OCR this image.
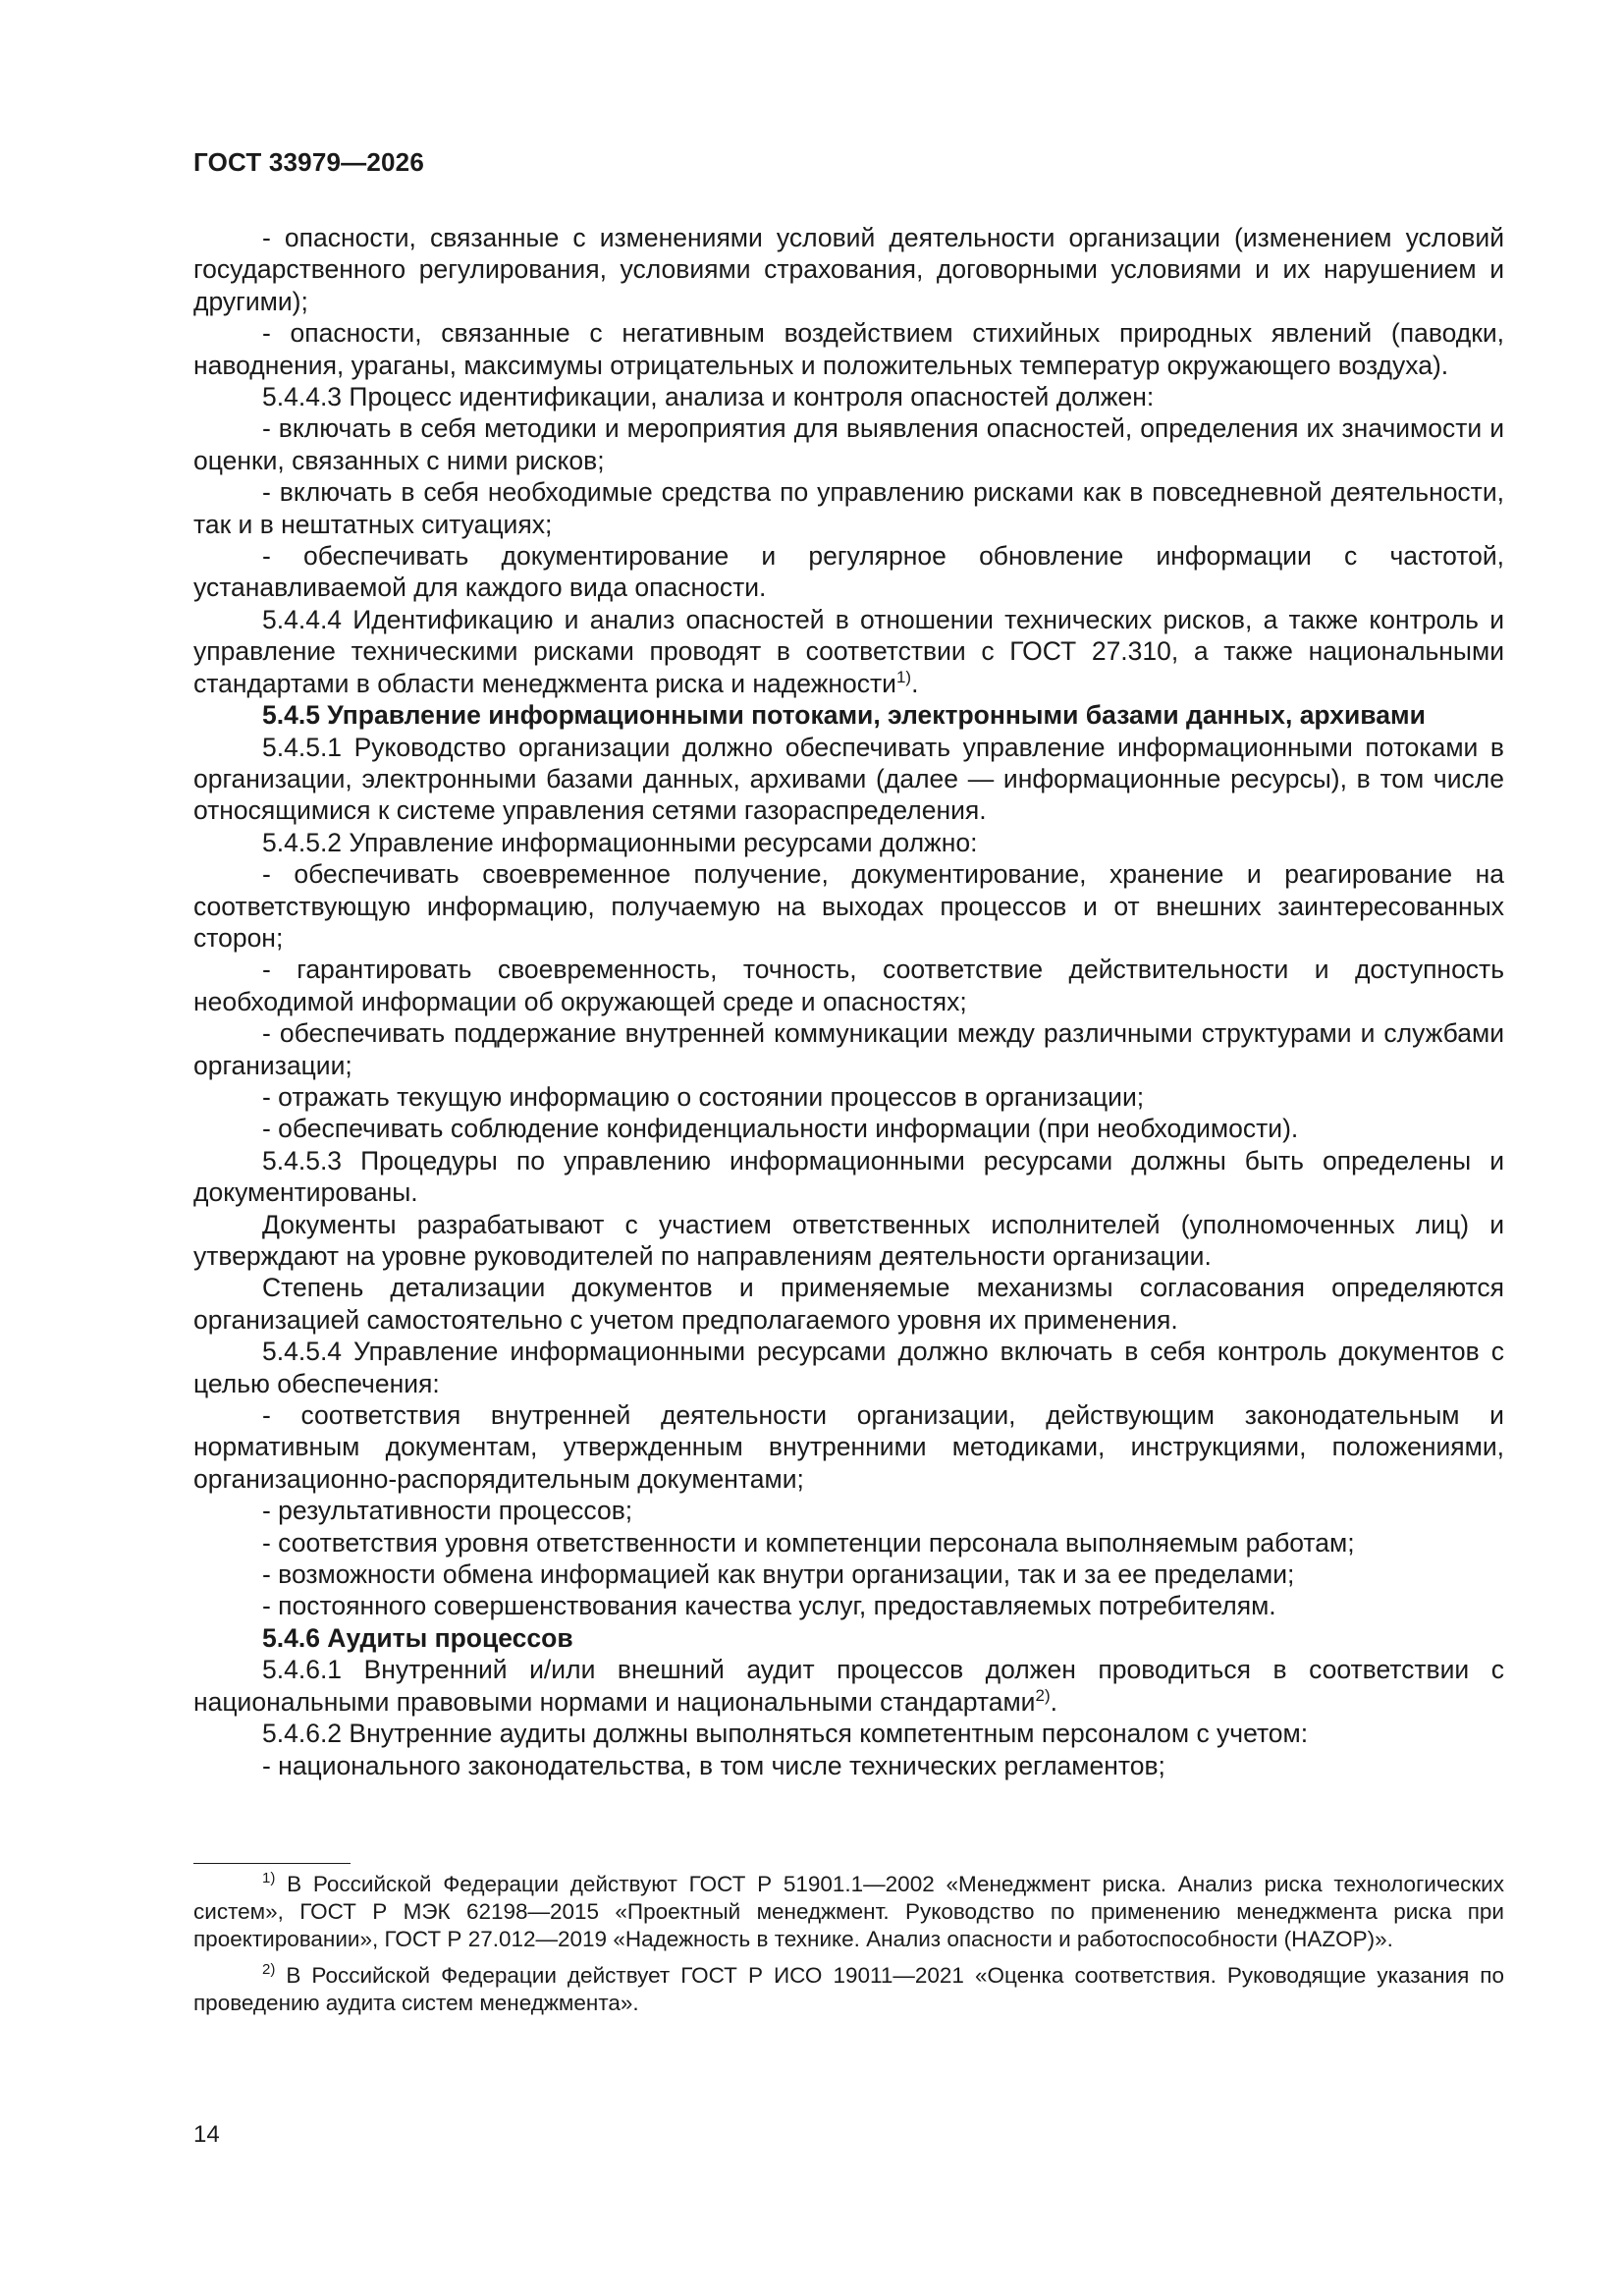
ГОСТ 33979—2026

- опасности, связанные с изменениями условий деятельности организации (изменением условий государственного регулирования, условиями страхования, договорными условиями и их нарушением и другими);

- опасности, связанные с негативным воздействием стихийных природных явлений (паводки, наводнения, ураганы, максимумы отрицательных и положительных температур окружающего воздуха).

5.4.4.3 Процесс идентификации, анализа и контроля опасностей должен:

- включать в себя методики и мероприятия для выявления опасностей, определения их значимости и оценки, связанных с ними рисков;

- включать в себя необходимые средства по управлению рисками как в повседневной деятельности, так и в нештатных ситуациях;

- обеспечивать документирование и регулярное обновление информации с частотой, устанавливаемой для каждого вида опасности.

5.4.4.4 Идентификацию и анализ опасностей в отношении технических рисков, а также контроль и управление техническими рисками проводят в соответствии с ГОСТ 27.310, а также национальными стандартами в области менеджмента риска и надежности$^{1)}$.

5.4.5 Управление информационными потоками, электронными базами данных, архивами

5.4.5.1 Руководство организации должно обеспечивать управление информационными потоками в организации, электронными базами данных, архивами (далее — информационные ресурсы), в том числе относящимися к системе управления сетями газораспределения.

5.4.5.2 Управление информационными ресурсами должно:

- обеспечивать своевременное получение, документирование, хранение и реагирование на соответствующую информацию, получаемую на выходах процессов и от внешних заинтересованных сторон;

- гарантировать своевременность, точность, соответствие действительности и доступность необходимой информации об окружающей среде и опасностях;

- обеспечивать поддержание внутренней коммуникации между различными структурами и службами организации;

- отражать текущую информацию о состоянии процессов в организации;

- обеспечивать соблюдение конфиденциальности информации (при необходимости).

5.4.5.3 Процедуры по управлению информационными ресурсами должны быть определены и документированы.

Документы разрабатывают с участием ответственных исполнителей (уполномоченных лиц) и утверждают на уровне руководителей по направлениям деятельности организации.

Степень детализации документов и применяемые механизмы согласования определяются организацией самостоятельно с учетом предполагаемого уровня их применения.

5.4.5.4 Управление информационными ресурсами должно включать в себя контроль документов с целью обеспечения:

- соответствия внутренней деятельности организации, действующим законодательным и нормативным документам, утвержденным внутренними методиками, инструкциями, положениями, организационно-распорядительным документами;

- результативности процессов;

- соответствия уровня ответственности и компетенции персонала выполняемым работам;

- возможности обмена информацией как внутри организации, так и за ее пределами;

- постоянного совершенствования качества услуг, предоставляемых потребителям.

5.4.6 Аудиты процессов

5.4.6.1 Внутренний и/или внешний аудит процессов должен проводиться в соответствии с национальными правовыми нормами и национальными стандартами$^{2)}$.

5.4.6.2 Внутренние аудиты должны выполняться компетентным персоналом с учетом:

- национального законодательства, в том числе технических регламентов;

$^{1)}$ В Российской Федерации действуют ГОСТ Р 51901.1—2002 «Менеджмент риска. Анализ риска технологических систем», ГОСТ Р МЭК 62198—2015 «Проектный менеджмент. Руководство по применению менеджмента риска при проектировании», ГОСТ Р 27.012—2019 «Надежность в технике. Анализ опасности и работоспособности (HAZOP)».

$^{2)}$ В Российской Федерации действует ГОСТ Р ИСО 19011—2021 «Оценка соответствия. Руководящие указания по проведению аудита систем менеджмента».

14
